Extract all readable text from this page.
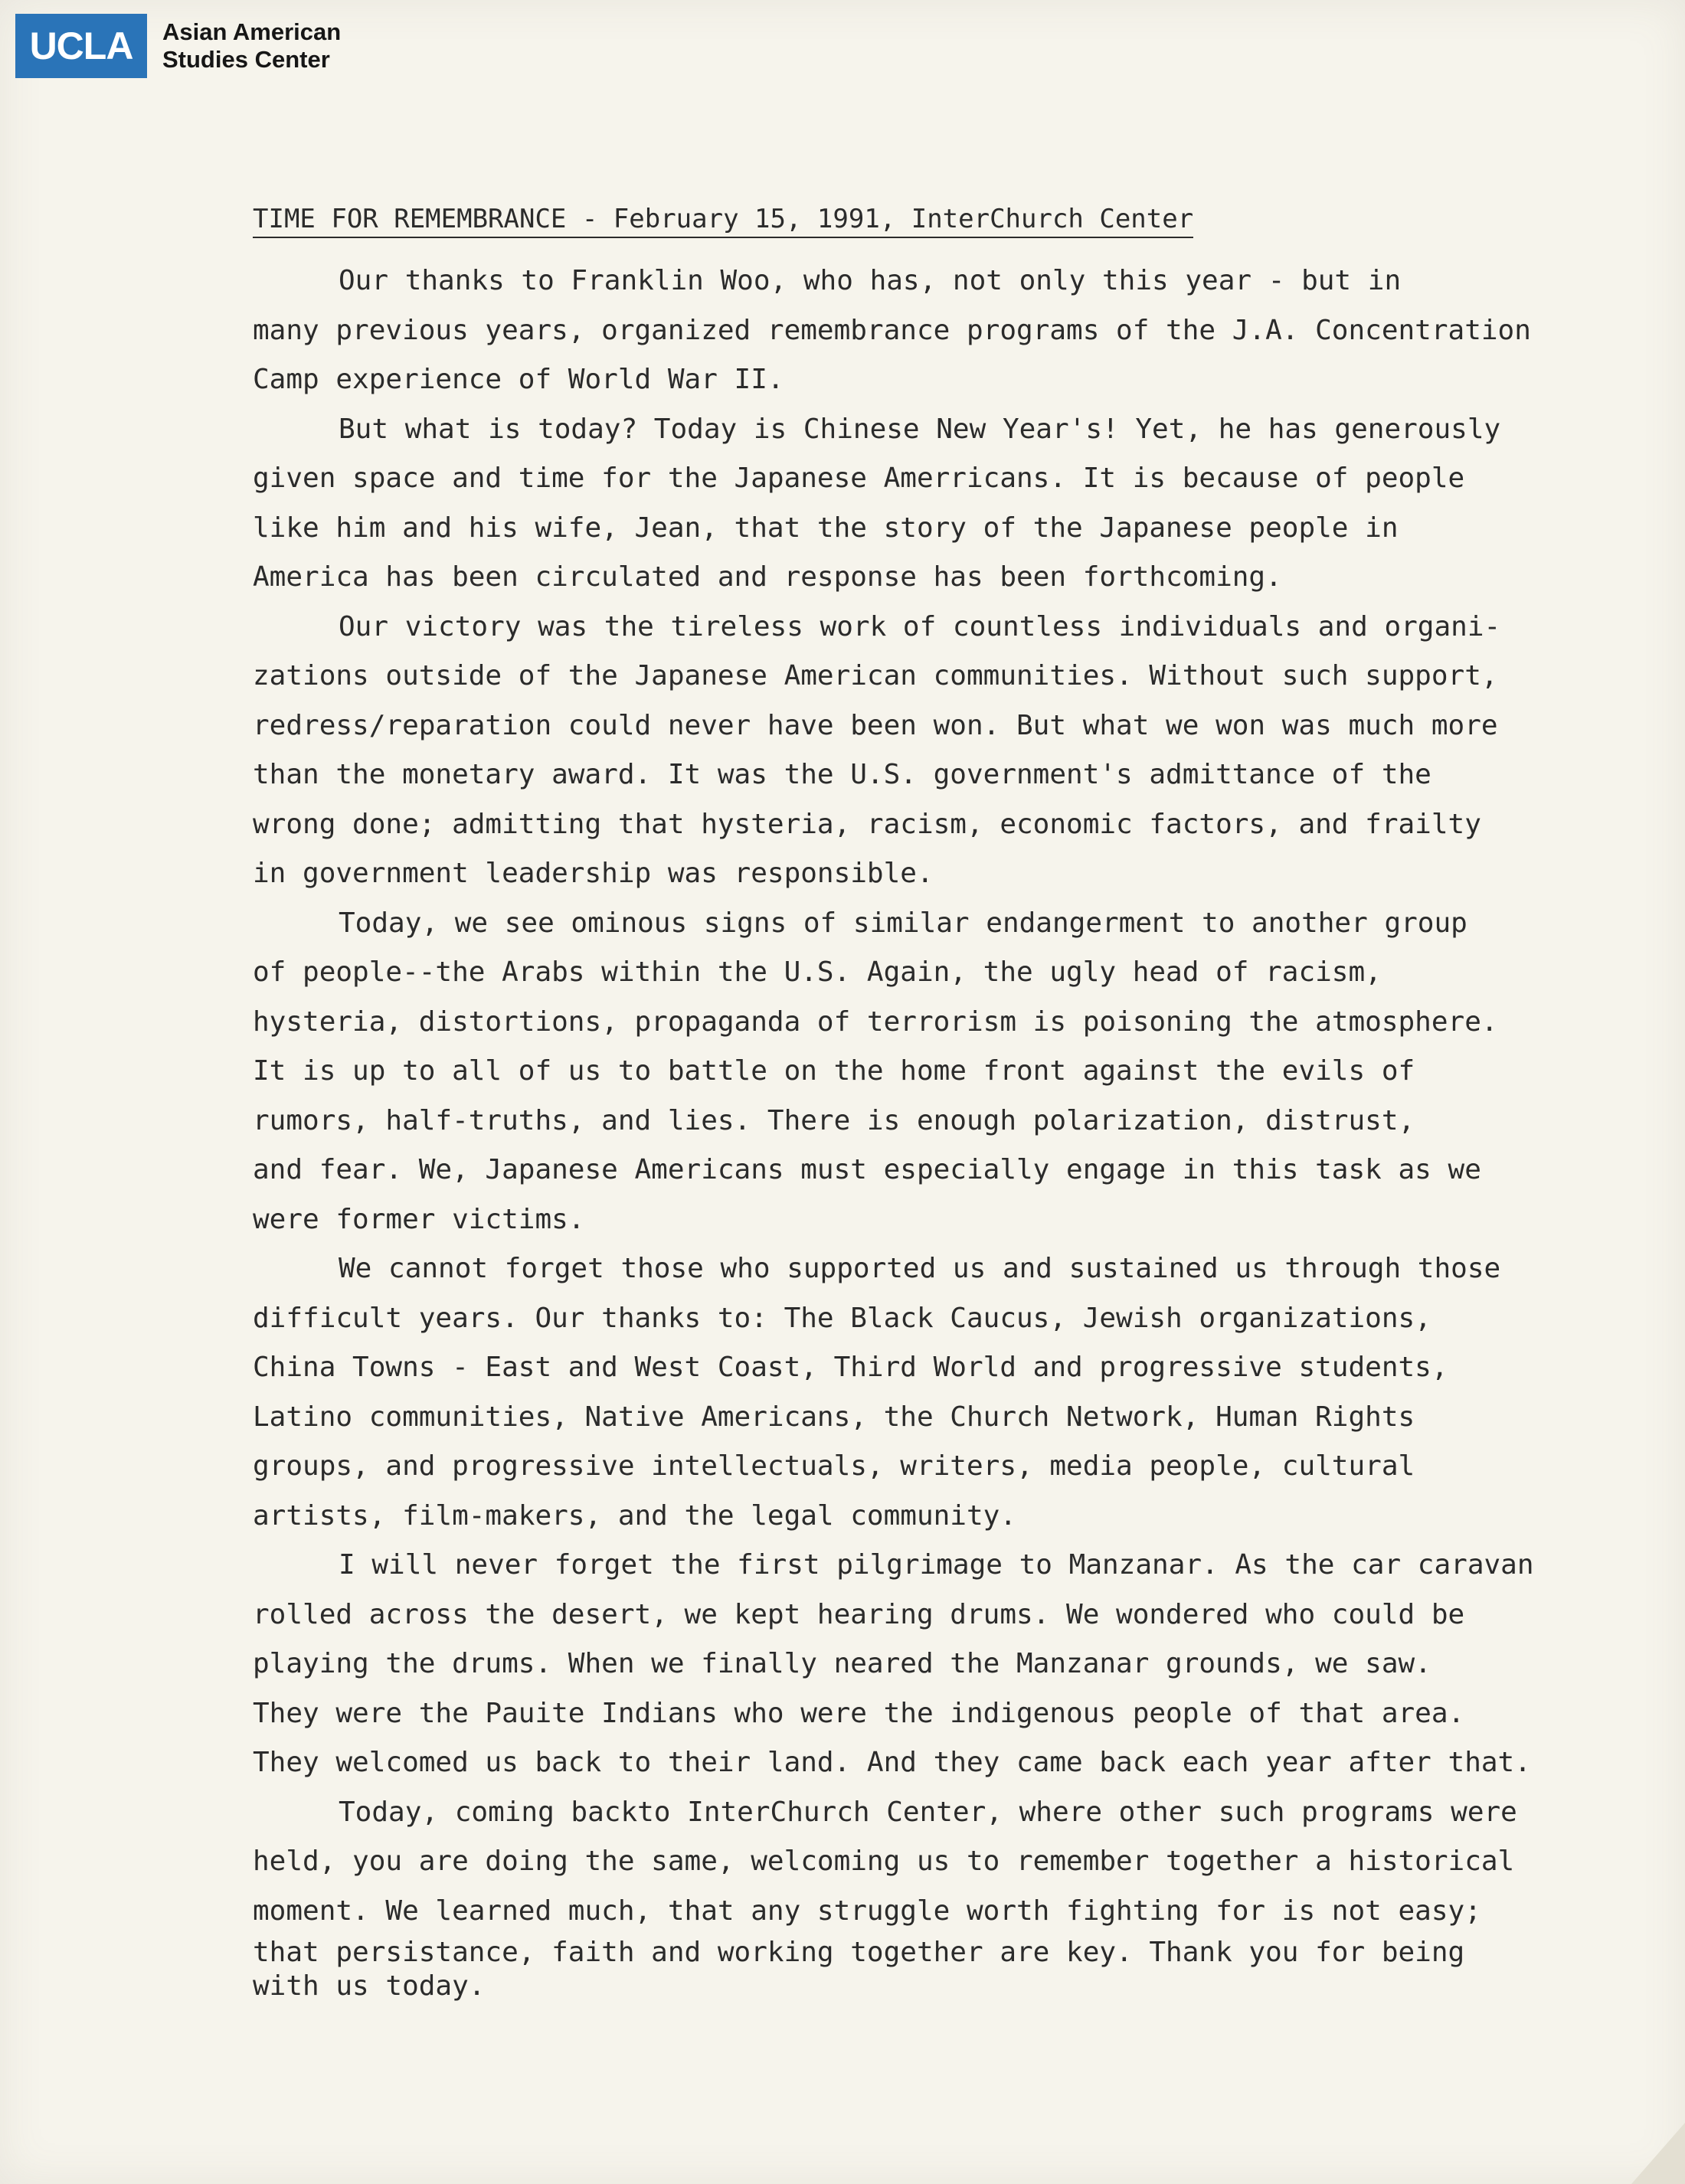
UCLA Asian American
Studies Center
TIME FOR REMEMBRANCE - February 15, 1991, InterChurch Center
Our thanks to Franklin Woo, who has, not only this year - but in
many previous years, organized remembrance programs of the J.A. Concentration
Camp experience of World War II.
But what is today? Today is Chinese New Year's! Yet, he has generously
given space and time for the Japanese Amerricans. It is because of people
like him and his wife, Jean, that the story of the Japanese people in
America has been circulated and response has been forthcoming.
Our victory was the tireless work of countless individuals and organi-
zations outside of the Japanese American communities. Without such support,
redress/reparation could never have been won. But what we won was much more
than the monetary award. It was the U.S. government's admittance of the
wrong done; admitting that hysteria, racism, economic factors, and frailty
in government leadership was responsible.
Today, we see ominous signs of similar endangerment to another group
of people--the Arabs within the U.S. Again, the ugly head of racism,
hysteria, distortions, propaganda of terrorism is poisoning the atmosphere.
It is up to all of us to battle on the home front against the evils of
rumors, half-truths, and lies. There is enough polarization, distrust,
and fear. We, Japanese Americans must especially engage in this task as we
were former victims.
We cannot forget those who supported us and sustained us through those
difficult years. Our thanks to: The Black Caucus, Jewish organizations,
China Towns - East and West Coast, Third World and progressive students,
Latino communities, Native Americans, the Church Network, Human Rights
groups, and progressive intellectuals, writers, media people, cultural
artists, film-makers, and the legal community.
I will never forget the first pilgrimage to Manzanar. As the car caravan
rolled across the desert, we kept hearing drums. We wondered who could be
playing the drums. When we finally neared the Manzanar grounds, we saw.
They were the Pauite Indians who were the indigenous people of that area.
They welcomed us back to their land. And they came back each year after that.
Today, coming backto InterChurch Center, where other such programs were
held, you are doing the same, welcoming us to remember together a historical
moment. We learned much, that any struggle worth fighting for is not easy;
that persistance, faith and working together are key. Thank you for being
with us today.
